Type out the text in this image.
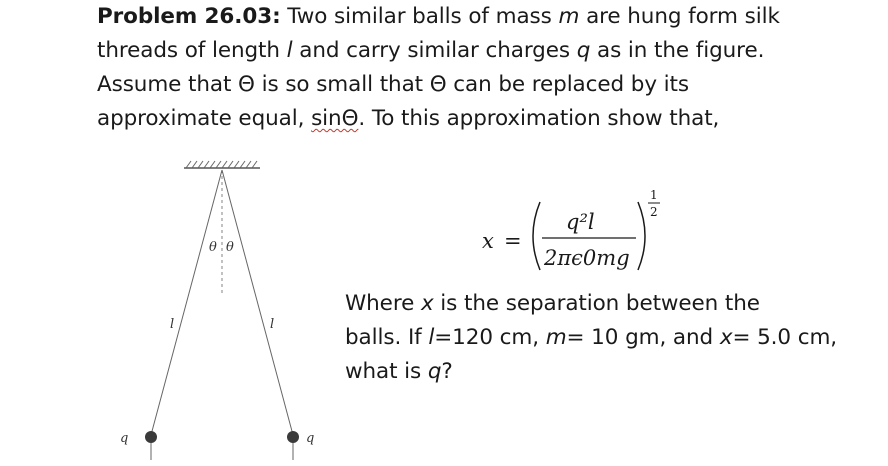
Problem 26.03: Two similar balls of mass m are hung form silk
threads of length l and carry similar charges q as in the figure.
Assume that Θ is so small that Θ can be replaced by its
approximate equal, sinΘ. To this approximation show that,
θ θ
l	l
q	q
x =
q²l
2πϵ0mg
1
2
Where x is the separation between the
balls. If l=120 cm, m= 10 gm, and x= 5.0 cm,
what is q?
